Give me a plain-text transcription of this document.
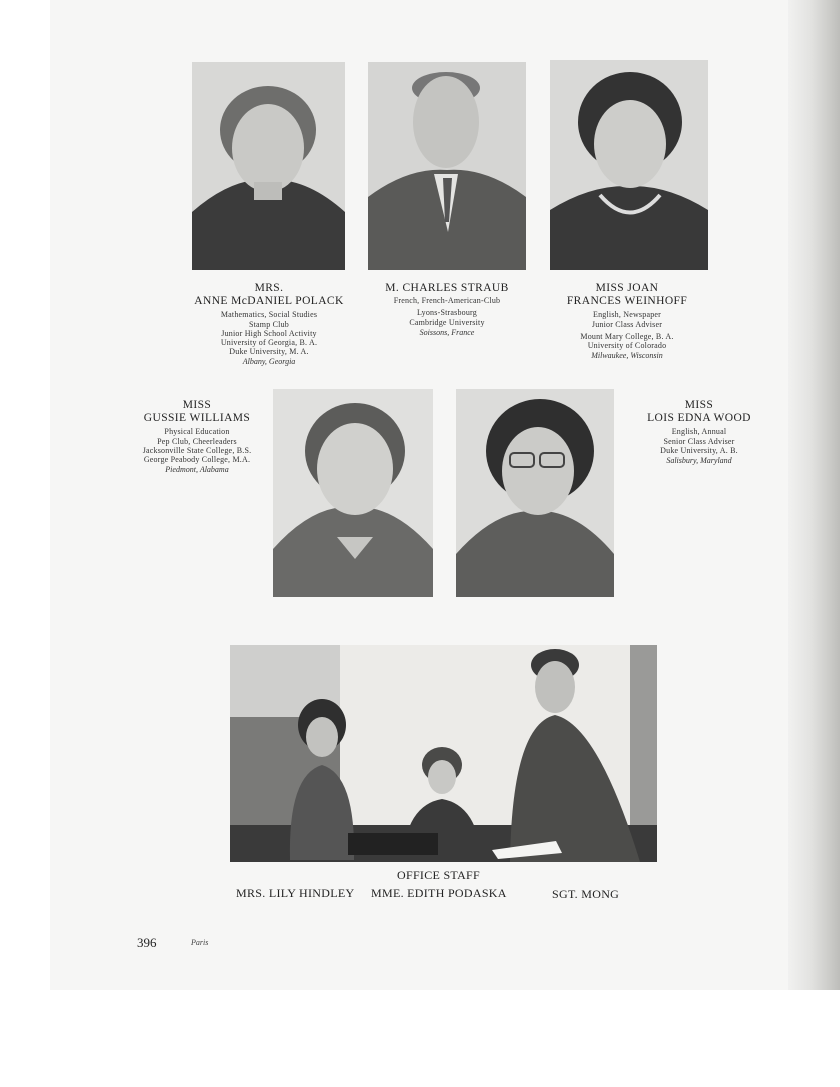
MRS.
ANNE McDANIEL POLACK
Mathematics, Social Studies
Stamp Club
Junior High School Activity
University of Georgia, B. A.
Duke University, M. A.
Albany, Georgia
M. CHARLES STRAUB
French, French-American-Club
Lyons-Strasbourg
Cambridge University
Soissons, France
MISS JOAN
FRANCES WEINHOFF
English, Newspaper
Junior Class Adviser
Mount Mary College, B. A.
University of Colorado
Milwaukee, Wisconsin
MISS
GUSSIE WILLIAMS
Physical Education
Pep Club, Cheerleaders
Jacksonville State College, B.S.
George Peabody College, M.A.
Piedmont, Alabama
MISS
LOIS EDNA WOOD
English, Annual
Senior Class Adviser
Duke University, A. B.
Salisbury, Maryland
OFFICE STAFF
MRS. LILY HINDLEY MME. EDITH PODASKA	SGT. MONG
396	Paris
